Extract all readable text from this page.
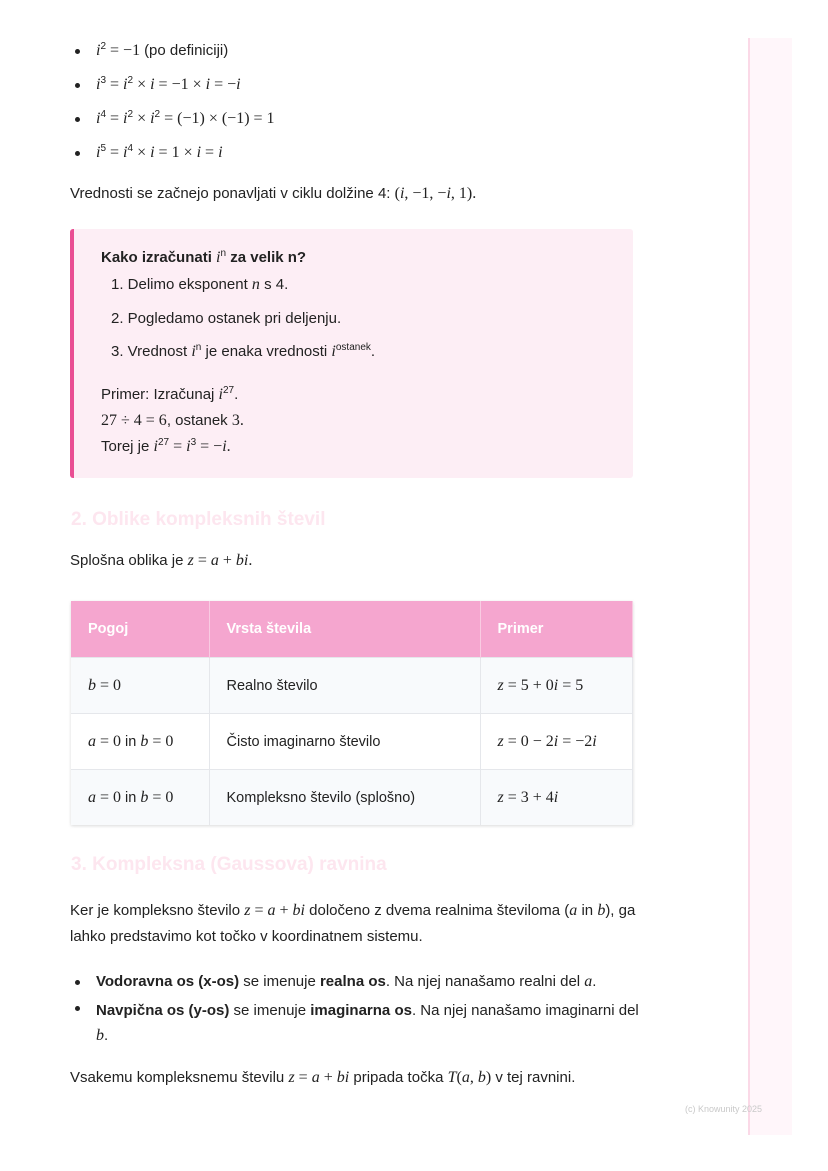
$i^2 = -1$ (po definiciji)
$i^3 = i^2 \times i = -1 \times i = -i$
$i^4 = i^2 \times i^2 = (-1) \times (-1) = 1$
$i^5 = i^4 \times i = 1 \times i = i$
Vrednosti se začnejo ponavljati v ciklu dolžine 4: (i, −1, −i, 1).
Kako izračunati $i^n$ za velik n?
1. Delimo eksponent n s 4.
2. Pogledamo ostanek pri deljenju.
3. Vrednost $i^n$ je enaka vrednosti $i^{ostanek}$.
Primer: Izračunaj $i^{27}$.
27 ÷ 4 = 6, ostanek 3.
Torej je $i^{27} = i^3 = -i$.
2. Oblike kompleksnih števil
Splošna oblika je z = a + bi.
Pogoj	Vrsta števila	Primer
b = 0	Realno število	z = 5 + 0i = 5
a = 0 in b = 0	Čisto imaginarno število	z = 0 − 2i = −2i
a = 0 in b = 0	Kompleksno število (splošno)	z = 3 + 4i
3. Kompleksna (Gaussova) ravnina
Ker je kompleksno število z = a + bi določeno z dvema realnima številoma (a in b), ga lahko predstavimo kot točko v koordinatnem sistemu.
Vodoravna os (x-os) se imenuje realna os. Na njej nanašamo realni del a.
Navpična os (y-os) se imenuje imaginarna os. Na njej nanašamo imaginarni del b.
Vsakemu kompleksnemu številu z = a + bi pripada točka T(a, b) v tej ravnini.
(c) Knowunity 2025
